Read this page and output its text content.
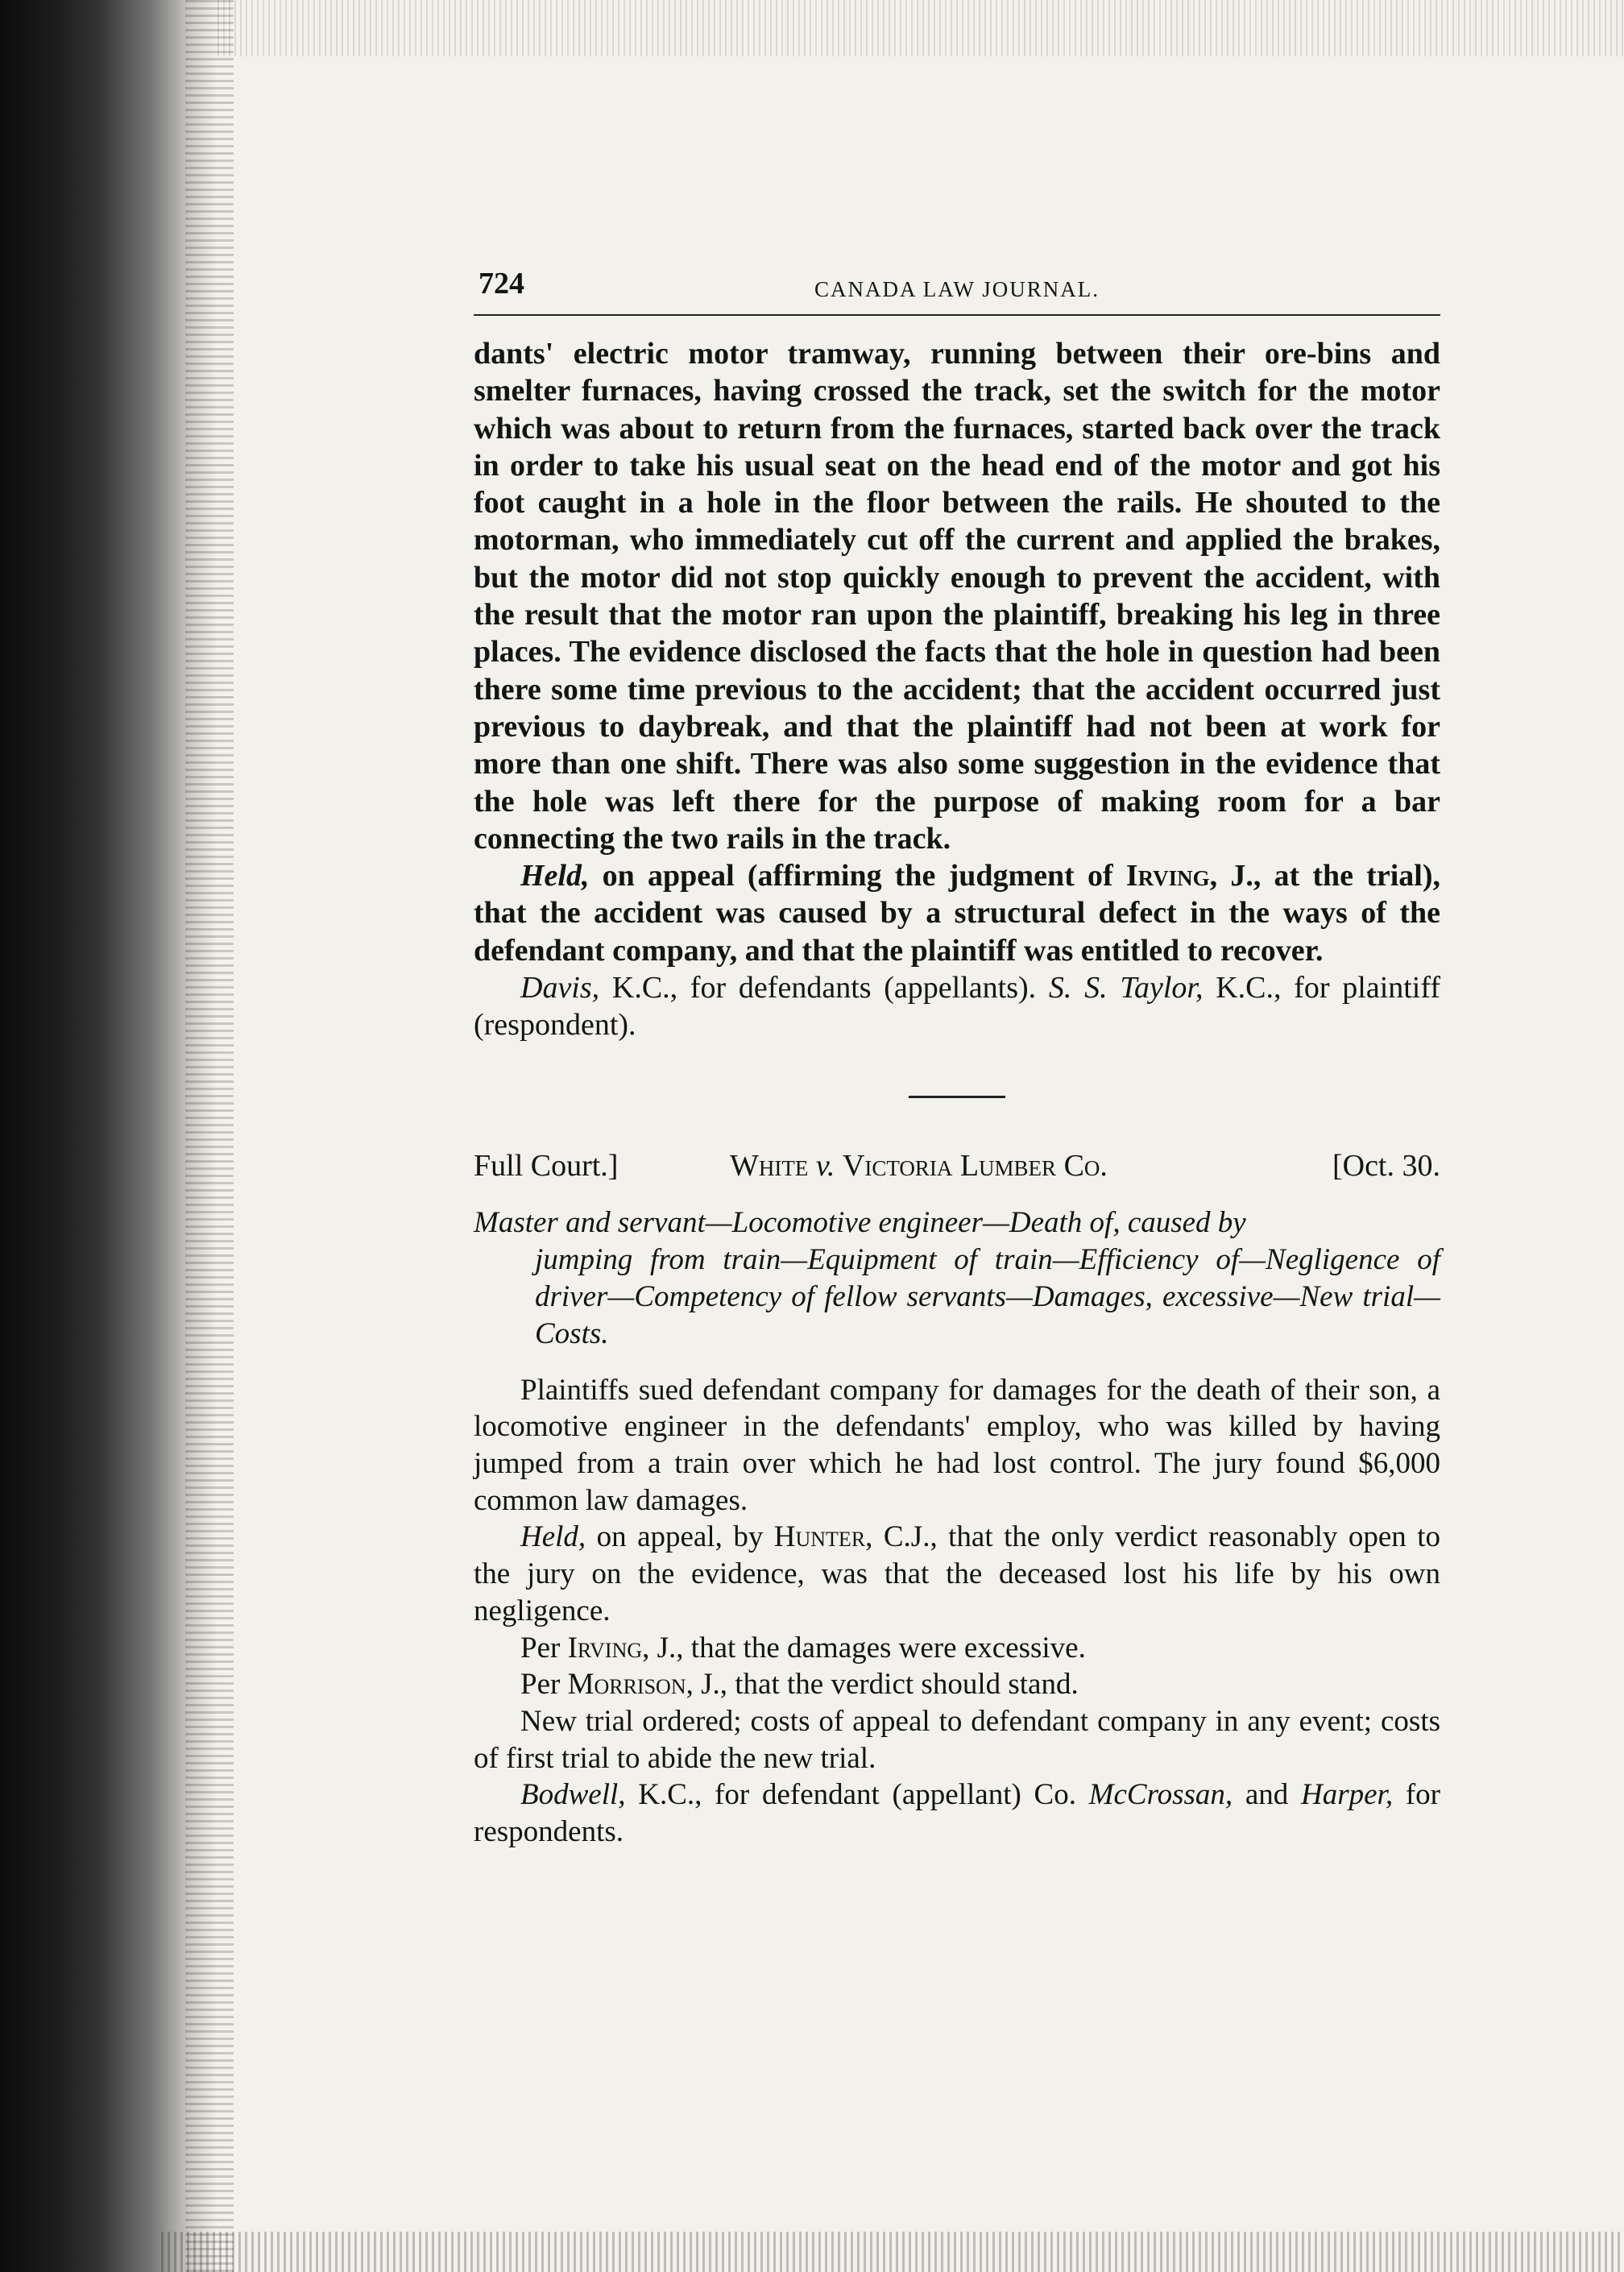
724	CANADA LAW JOURNAL.

dants' electric motor tramway, running between their ore-bins and smelter furnaces, having crossed the track, set the switch for the motor which was about to return from the furnaces, started back over the track in order to take his usual seat on the head end of the motor and got his foot caught in a hole in the floor between the rails. He shouted to the motorman, who immediately cut off the current and applied the brakes, but the motor did not stop quickly enough to prevent the accident, with the result that the motor ran upon the plaintiff, breaking his leg in three places. The evidence disclosed the facts that the hole in question had been there some time previous to the accident; that the accident occurred just previous to daybreak, and that the plaintiff had not been at work for more than one shift. There was also some suggestion in the evidence that the hole was left there for the purpose of making room for a bar connecting the two rails in the track.

Held, on appeal (affirming the judgment of Irving, J., at the trial), that the accident was caused by a structural defect in the ways of the defendant company, and that the plaintiff was entitled to recover.

Davis, K.C., for defendants (appellants). S. S. Taylor, K.C., for plaintiff (respondent).

Full Court.]	White v. Victoria Lumber Co.	[Oct. 30.
Master and servant—Locomotive engineer—Death of, caused by
jumping from train—Equipment of train—Efficiency of—Negligence of driver—Competency of fellow servants—Damages, excessive—New trial—Costs.

Plaintiffs sued defendant company for damages for the death of their son, a locomotive engineer in the defendants' employ, who was killed by having jumped from a train over which he had lost control. The jury found $6,000 common law damages.

Held, on appeal, by Hunter, C.J., that the only verdict reasonably open to the jury on the evidence, was that the deceased lost his life by his own negligence.

Per Irving, J., that the damages were excessive.

Per Morrison, J., that the verdict should stand.

New trial ordered; costs of appeal to defendant company in any event; costs of first trial to abide the new trial.

Bodwell, K.C., for defendant (appellant) Co. McCrossan, and Harper, for respondents.
